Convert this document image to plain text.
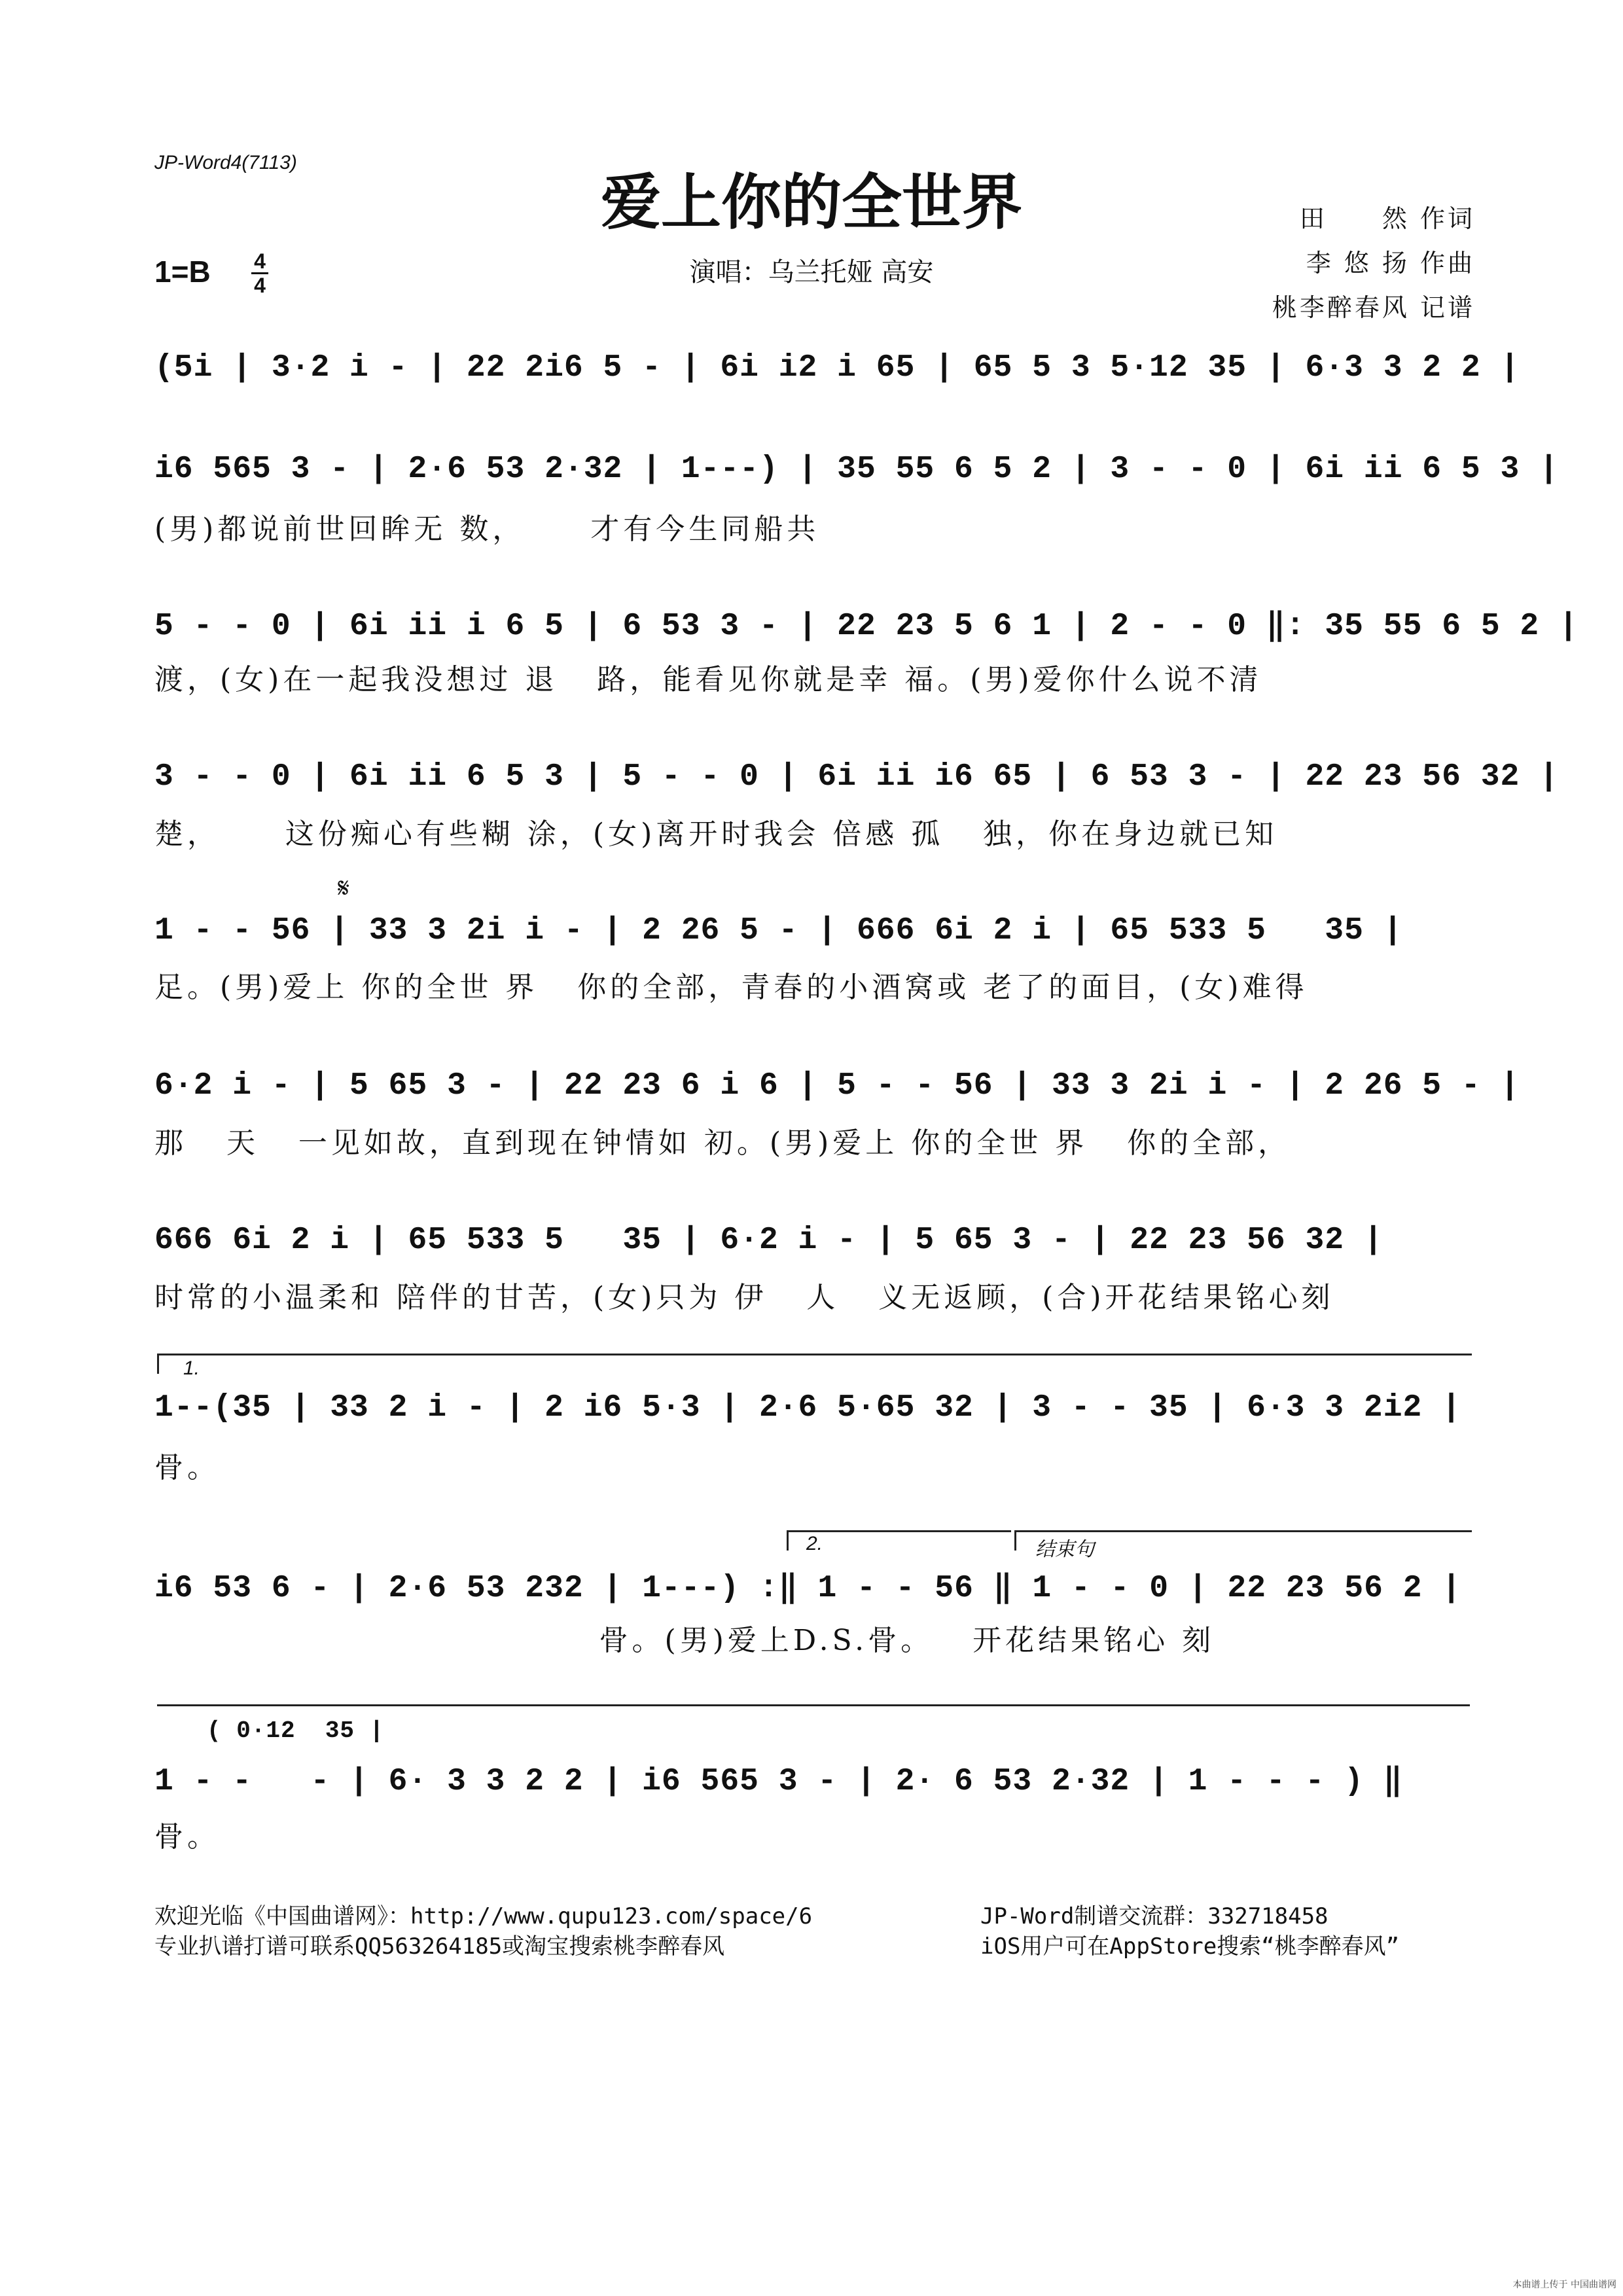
JP-Word4(7113)
爱上你的全世界	田　　然 作词
李 悠 扬 作曲
桃李醉春风 记谱
1=B 4
4	演唱：乌兰托娅 高安
(5i | 3·2 i - | 22 2i6 5 - | 6i i2 i 65 | 65 5 3 5·12 35 | 6·3 3 2 2 |
i6 565 3 - | 2·6 53 2·32 | 1---) | 35 55 6 5 2 | 3 - - 0 | 6i ii 6 5 3 |
(男)都说前世回眸无 数，     才有今生同船共
5 - - 0 | 6i ii i 6 5 | 6 53 3 - | 22 23 5 6 1 | 2 - - 0 ‖: 35 55 6 5 2 |
渡，(女)在一起我没想过 退   路，能看见你就是幸 福。(男)爱你什么说不清
3 - - 0 | 6i ii 6 5 3 | 5 - - 0 | 6i ii i6 65 | 6 53 3 - | 22 23 56 32 |
楚，     这份痴心有些糊 涂，(女)离开时我会 倍感 孤   独，你在身边就已知
𝄋
1 - - 56 | 33 3 2i i - | 2 26 5 - | 666 6i 2 i | 65 533 5   35 |
足。(男)爱上 你的全世 界   你的全部，青春的小酒窝或 老了的面目，(女)难得
6·2 i - | 5 65 3 - | 22 23 6 i 6 | 5 - - 56 | 33 3 2i i - | 2 26 5 - |
那   天   一见如故，直到现在钟情如 初。(男)爱上 你的全世 界   你的全部，
666 6i 2 i | 65 533 5   35 | 6·2 i - | 5 65 3 - | 22 23 56 32 |
时常的小温柔和 陪伴的甘苦，(女)只为 伊   人   义无返顾，(合)开花结果铭心刻
1.
1--(35 | 33 2 i - | 2 i6 5·3 | 2·6 5·65 32 | 3 - - 35 | 6·3 3 2i2 |
骨。
2.	结束句
i6 53 6 - | 2·6 53 232 | 1---) :‖ 1 - - 56 ‖ 1 - - 0 | 22 23 56 2 |
骨。(男)爱上D.S.骨。   开花结果铭心 刻
( 0·12  35 |
1 - -   - | 6· 3 3 2 2 | i6 565 3 - | 2· 6 53 2·32 | 1 - - - ) ‖
骨。
欢迎光临《中国曲谱网》：http://www.qupu123.com/space/6	JP-Word制谱交流群：332718458
专业扒谱打谱可联系QQ563264185或淘宝搜索桃李醉春风	iOS用户可在AppStore搜索“桃李醉春风”
本曲谱上传于 中国曲谱网
